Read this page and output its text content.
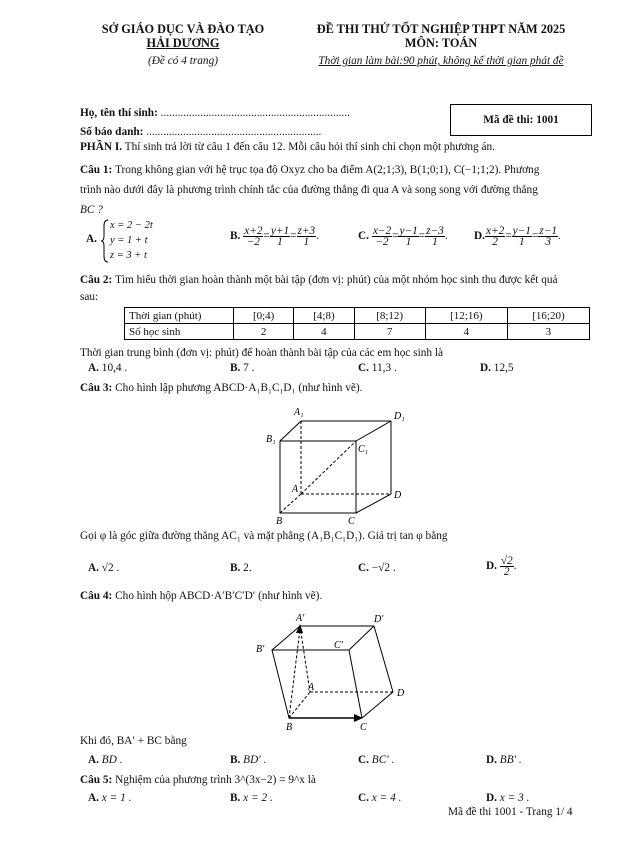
SỞ GIÁO DỤC VÀ ĐÀO TẠO
HẢI DƯƠNG
(Đề có 4 trang)
ĐỀ THI THỬ TỐT NGHIỆP THPT NĂM 2025
MÔN: TOÁN
Thời gian làm bài:90 phút, không kể thời gian phát đề
Họ, tên thí sinh: ...................................................................
Số báo danh: ..............................................................
Mã đề thi: 1001
PHẦN I. Thí sinh trả lời từ câu 1 đến câu 12. Mỗi câu hỏi thí sinh chỉ chọn một phương án.
Câu 1: Trong không gian với hệ trục tọa độ Oxyz cho ba điểm A(2;1;3), B(1;0;1), C(−1;1;2). Phương
trình nào dưới đây là phương trình chính tắc của đường thẳng đi qua A và song song với đường thẳng
BC ?
A.
x = 2 − 2t
y = 1 + t
z = 3 + t
B. $\frac{x+2}{-2} = \frac{y+1}{1} = \frac{z+3}{1}$ .	C. $\frac{x-2}{-2} = \frac{y-1}{1} = \frac{z-3}{1}$ . D. $\frac{x+2}{2} = \frac{y-1}{1} = \frac{z-1}{3}$ .
Câu 2: Tìm hiểu thời gian hoàn thành một bài tập (đơn vị: phút) của một nhóm học sinh thu được kết quả
sau:
Thời gian (phút)	[0;4)	[4;8)	[8;12)	[12;16)	[16;20)
Số học sinh	2	4	7	4	3
Thời gian trung bình (đơn vị: phút) để hoàn thành bài tập của các em học sinh là
A. 10,4 .	B. 7 .	C. 11,3 .	D. 12,5
Câu 3: Cho hình lập phương ABCD·A₁B₁C₁D₁ (như hình vẽ).
A₁	D₁
B₁
C₁
A
D
B	C
Gọi φ là góc giữa đường thẳng AC₁ và mặt phẳng (A₁B₁C₁D₁). Giá trị tan φ bằng
A. √2 .	B. 2.	C. −√2 .	D. $\frac{√2}{2}$ .
Câu 4: Cho hình hộp ABCD·A′B′C′D′ (như hình vẽ).
A′	D′
B′	C′
A
D
B	C
Khi đó, BA′ + BC bằng
A. BD .	B. BD′ .	C. BC′ .	D. BB′ .
Câu 5: Nghiệm của phương trình 3^(3x−2) = 9^x là
A. x = 1 .	B. x = 2 .	C. x = 4 .	D. x = 3 .
Mã đề thi 1001 - Trang 1/ 4
